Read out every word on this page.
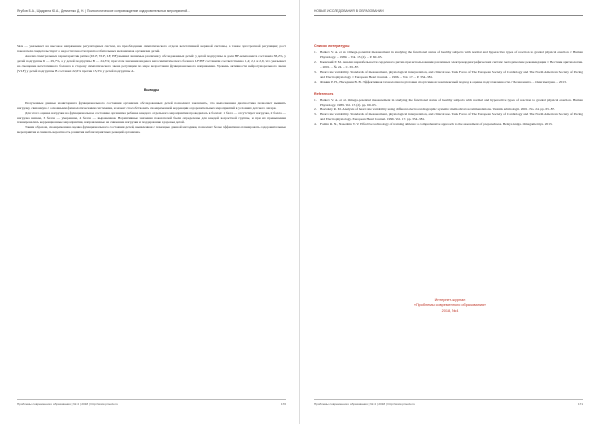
Ягубов Б.А., Щадрина Ю.А., Демченко Д. Н. | Психологическое сопровождение оздоровительных мероприятий...

SkA — указывает на высокое напряжение регуляторных систем, на преобладание симпатического отдела вегетативной нервной системы, а также эрготропной регуляции; рост показателя свидетельствует о недостаточности приспособительных механизмов организма детей.

Анализ спектральных характеристик ритма (ULF, VLF, LF, HF) выявил значимые различия у обследованных детей: у детей подгруппы А доля HF-компонента составила 38,2%, у детей подгруппы Б — 29,7%, а у детей подгруппы В — 24,3%; при этом значения индекса вагосимпатического баланса LF/HF составили соответственно 1,4; 2,1 и 2,9, что указывает на смещение вегетативного баланса в сторону симпатического звена регуляции по мере возрастания функционального напряжения. Уровень активности нейрогуморального звена (VLF) у детей подгруппы В составил 22,6% против 15,3% у детей подгруппы А.

Выводы

Полученные данные мониторинга функционального состояния организма обследованных детей позволяют заключить, что выполненная диагностика позволяет выявить нагрузку, связанную с основными физиологическими системами, и может способствовать своевременной коррекции оздоровительных мероприятий в условиях детского лагеря.

Для этого оценка нагрузки на функциональное состояние организма ребенка каждого отдельного мероприятия проводилась в баллах: 1 балл — отсутствует нагрузка, 2 балла — нагрузка низкая, 3 балла — умеренная, 4 балла — выраженная. Нормативные значения показателей были определены для каждой возрастной группы, и при их превышении планировались коррекционные мероприятия, направленные на снижение нагрузки и поддержание здоровья детей.

Таким образом, своевременная оценка функционального состояния детей, выявленная с помощью данной методики, позволяет более эффективно планировать оздоровительные мероприятия и снижать вероятность развития неблагоприятных реакций организма.

Проблемы современного образования | № 4 | 2018 | http://www.pmedu.ru	170
НОВЫЕ ИССЛЕДОВАНИЯ В ОБРАЗОВАНИИ
Список литературы
1. Baikov V. A. et al. Omega-potential measurement in studying the functional status of healthy subjects with normal and hyperactive types of reaction to graded physical exertion // Human Physiology. – 1989. – Vol. 15 (2). – P. 60–65.
2. Баевский Р. М. Анализ вариабельности сердечного ритма при использовании различных электрокардиографических систем: методические рекомендации // Вестник аритмологии. – 2001. – № 24. – С. 65–87.
3. Heart rate variability. Standards of measurement, physiological interpretation, and clinical use. Task Force of The European Society of Cardiology and The North American Society of Pacing and Electrophysiology // European Heart Journal. – 1996. – Vol. 17. – P. 354–381.
4. Фомин Р. Н., Наседнин В. В. Эффективная технология подготовки спортсменов: комплексный подход в оценке подготовленности // Белая книга. – Омегаметрия. – 2013.
References
1. Baikov V. A. et al. Omega-potential measurement in studying the functional status of healthy subjects with normal and hyperactive types of reaction to graded physical exertion. Human Physiology. 1989. Vol. 15 (2). pp. 60–65.
2. Baevskiy R. M. Analysis of heart rate variability using different electrocardiographic systems: methodical recommendations. Vestnik aritmologii. 2001. No. 24. pp. 65–87.
3. Heart rate variability. Standards of measurement, physiological interpretation, and clinical use. Task Force of The European Society of Cardiology and The North American Society of Pacing and Electrophysiology. European Heart Journal. 1996. Vol. 17. pp. 354–381.
4. Fomin R. N., Nasednin V. V. Effective technology of training athletes: a comprehensive approach to the assessment of preparedness. Belaya kniga. Omegametriya. 2013.
Интернет-журнал
«Проблемы современного образования»
2018, №4
Проблемы современного образования | № 4 | 2018 | http://www.pmedu.ru	171
